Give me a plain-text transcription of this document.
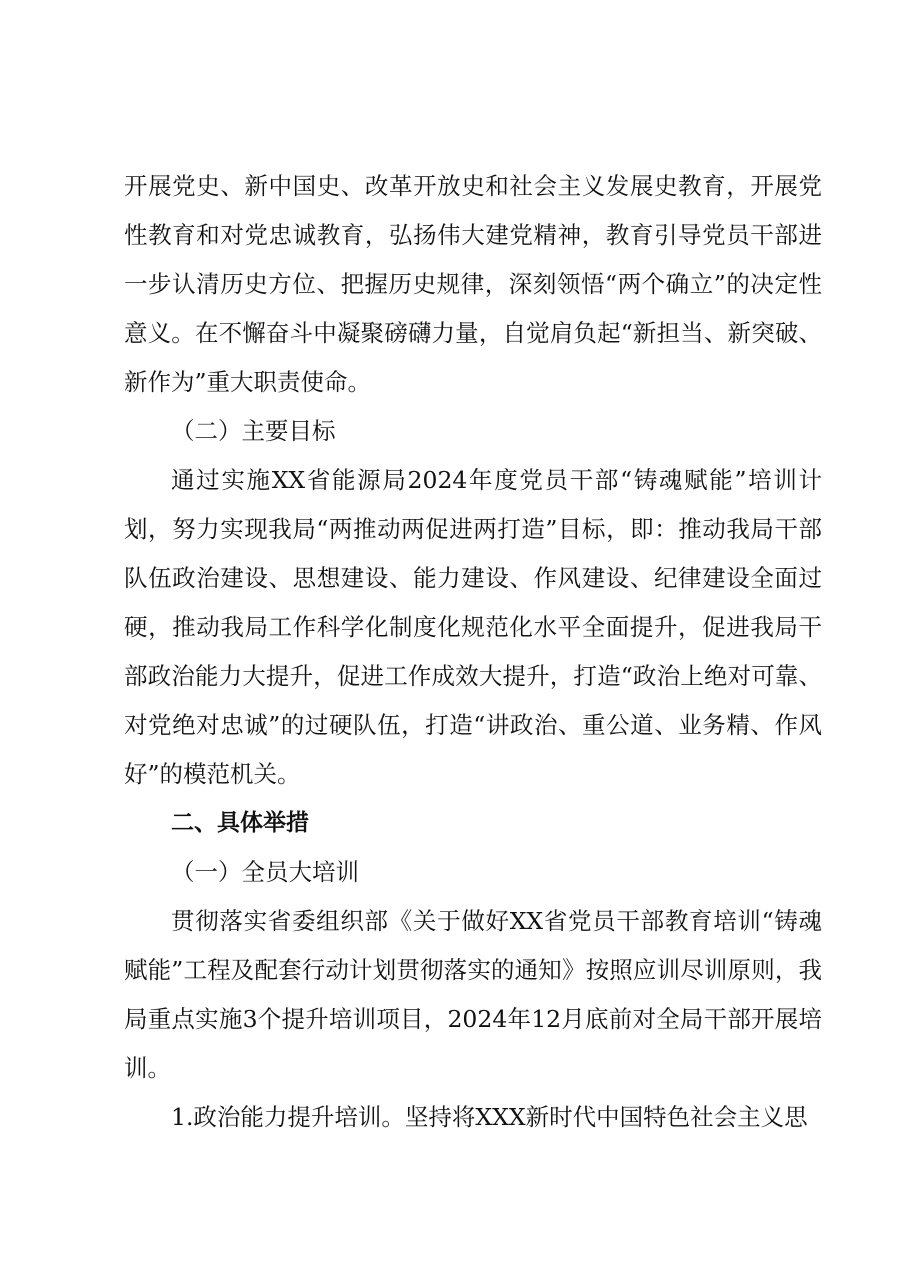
开展党史、新中国史、改革开放史和社会主义发展史教育，开展党性教育和对党忠诚教育，弘扬伟大建党精神，教育引导党员干部进一步认清历史方位、把握历史规律，深刻领悟“两个确立”的决定性意义。在不懈奋斗中凝聚磅礴力量，自觉肩负起“新担当、新突破、新作为”重大职责使命。

（二）主要目标

通过实施XX省能源局2024年度党员干部“铸魂赋能”培训计划，努力实现我局“两推动两促进两打造”目标，即：推动我局干部队伍政治建设、思想建设、能力建设、作风建设、纪律建设全面过硬，推动我局工作科学化制度化规范化水平全面提升，促进我局干部政治能力大提升，促进工作成效大提升，打造“政治上绝对可靠、对党绝对忠诚”的过硬队伍，打造“讲政治、重公道、业务精、作风好”的模范机关。

二、具体举措

（一）全员大培训

贯彻落实省委组织部《关于做好XX省党员干部教育培训“铸魂赋能”工程及配套行动计划贯彻落实的通知》按照应训尽训原则，我局重点实施3个提升培训项目，2024年12月底前对全局干部开展培训。

1.政治能力提升培训。坚持将XXX新时代中国特色社会主义思
